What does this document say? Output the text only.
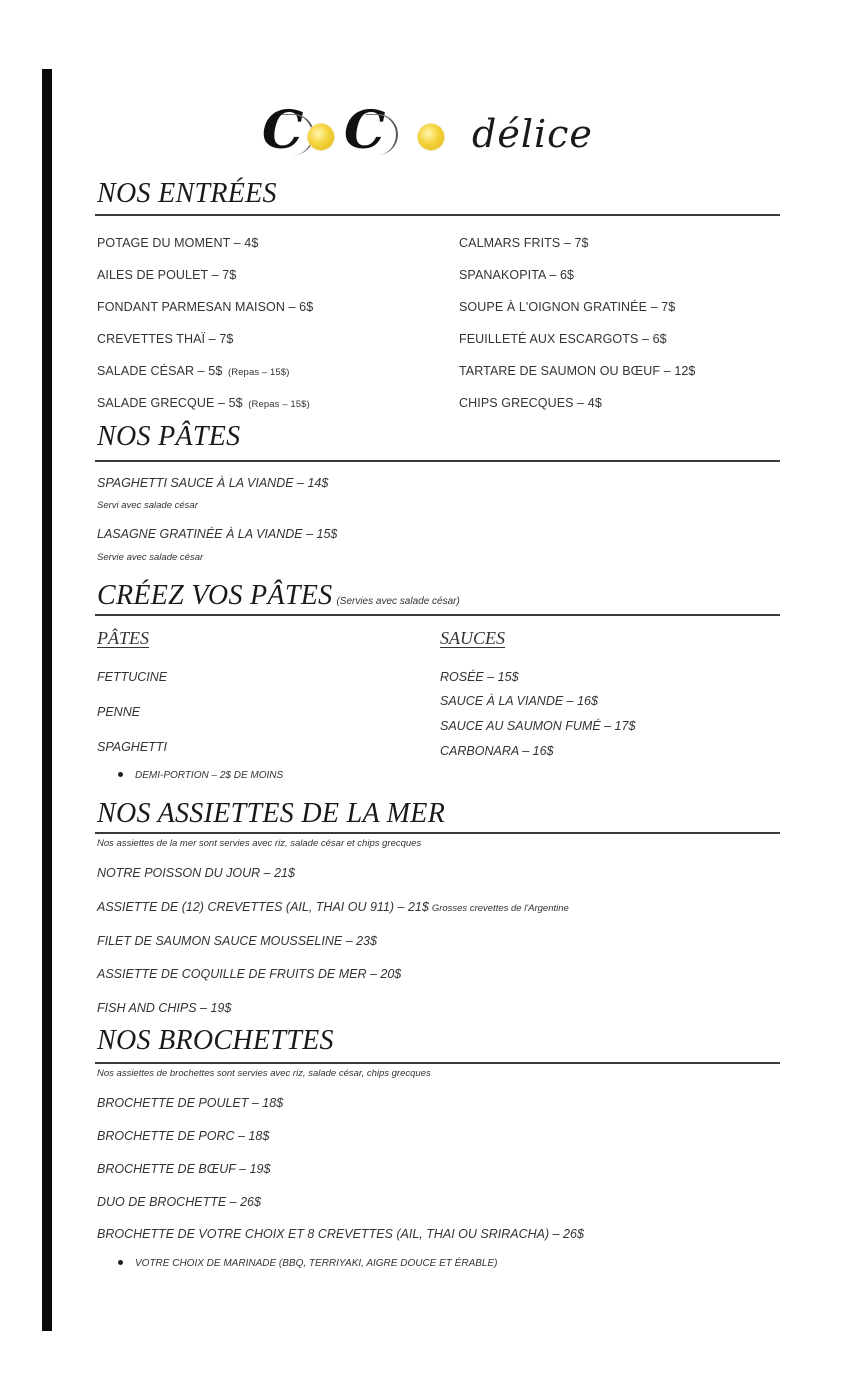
C C délice
NOS ENTRÉES
POTAGE DU MOMENT – 4$
AILES DE POULET – 7$
FONDANT PARMESAN MAISON – 6$
CREVETTES THAÏ – 7$
SALADE CÉSAR – 5$ (Repas – 15$)
SALADE GRECQUE – 5$ (Repas – 15$)
CALMARS FRITS – 7$
SPANAKOPITA – 6$
SOUPE À L'OIGNON GRATINÉE – 7$
FEUILLETÉ AUX ESCARGOTS – 6$
TARTARE DE SAUMON OU BŒUF – 12$
CHIPS GRECQUES – 4$
NOS PÂTES
SPAGHETTI SAUCE À LA VIANDE – 14$
Servi avec salade césar
LASAGNE GRATINÉE À LA VIANDE – 15$
Servie avec salade césar
CRÉEZ VOS PÂTES (Servies avec salade césar)
PÂTES
FETTUCINE
PENNE
SPAGHETTI
DEMI-PORTION – 2$ DE MOINS
SAUCES
ROSÉE – 15$
SAUCE À LA VIANDE – 16$
SAUCE AU SAUMON FUMÉ – 17$
CARBONARA – 16$
NOS ASSIETTES DE LA MER
Nos assiettes de la mer sont servies avec riz, salade césar et chips grecques
NOTRE POISSON DU JOUR – 21$
ASSIETTE DE (12) CREVETTES (AIL, THAI OU 911) – 21$ Grosses crevettes de l'Argentine
FILET DE SAUMON SAUCE MOUSSELINE – 23$
ASSIETTE DE COQUILLE DE FRUITS DE MER – 20$
FISH AND CHIPS – 19$
NOS BROCHETTES
Nos assiettes de brochettes sont servies avec riz, salade césar, chips grecques
BROCHETTE DE POULET – 18$
BROCHETTE DE PORC – 18$
BROCHETTE DE BŒUF – 19$
DUO DE BROCHETTE – 26$
BROCHETTE DE VOTRE CHOIX ET 8 CREVETTES (AIL, THAI OU SRIRACHA) – 26$
VOTRE CHOIX DE MARINADE (BBQ, TERRIYAKI, AIGRE DOUCE ET ÉRABLE)
